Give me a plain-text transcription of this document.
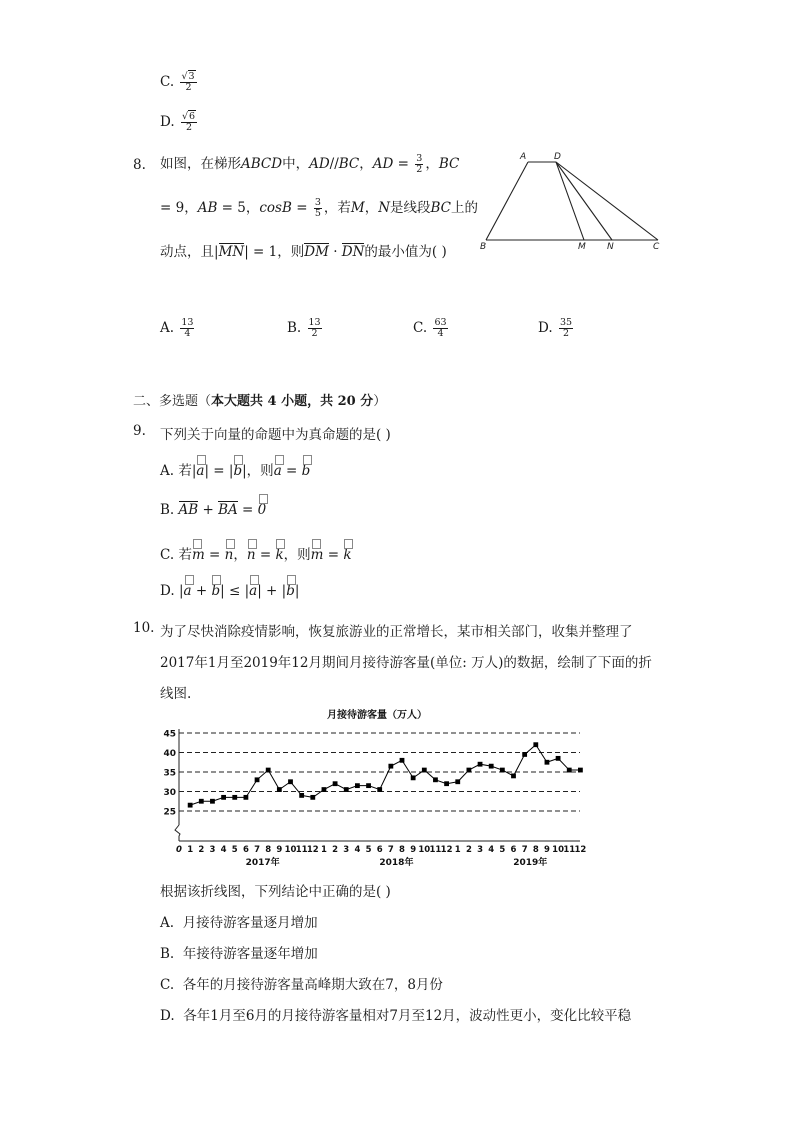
C. $\frac{√3}{2}$
D. $\frac{√6}{2}$
8. 如图，在梯形ABCD中，AD//BC，AD = $\frac{3}{2}$ ，BC
= 9，AB = 5，$\cos B = \frac{3}{5}$ ，若M，N是线段BC上的
动点，且|MN| = 1，则DM · DN的最小值为( )
A	D
B	M N	C
A. $\frac{13}{4}$	B. $\frac{13}{2}$	C. $\frac{63}{4}$	D. $\frac{35}{2}$
二、多选题（本大题共 4 小题，共 20 分）
9. 下列关于向量的命题中为真命题的是( )
A. 若|
a| = |
b|，则
a =
b
B. AB + BA =
0
C. 若
m =
n，
n =
k，则
m =
k
D. |
a +
b| ≤ |
a| + |
b|
10. 为了尽快消除疫情影响，恢复旅游业的正常增长，某市相关部门，收集并整理了
2017年1月至2019年12月期间月接待游客量(单位: 万人)的数据，绘制了下面的折
线图.
月接待游客量（万人）
25
30
35
40
45
0 1 2 3 4 5 6 7 8 9 10 11 12 1 2 3 4 5 6 7 8 9 10 11 12 1 2 3 4 5 6 7 8 9 10 11 12
2017年	2018年	2019年
根据该折线图，下列结论中正确的是( )
A. 月接待游客量逐月增加
B. 年接待游客量逐年增加
C. 各年的月接待游客量高峰期大致在7，8月份
D. 各年1月至6月的月接待游客量相对7月至12月，波动性更小，变化比较平稳
